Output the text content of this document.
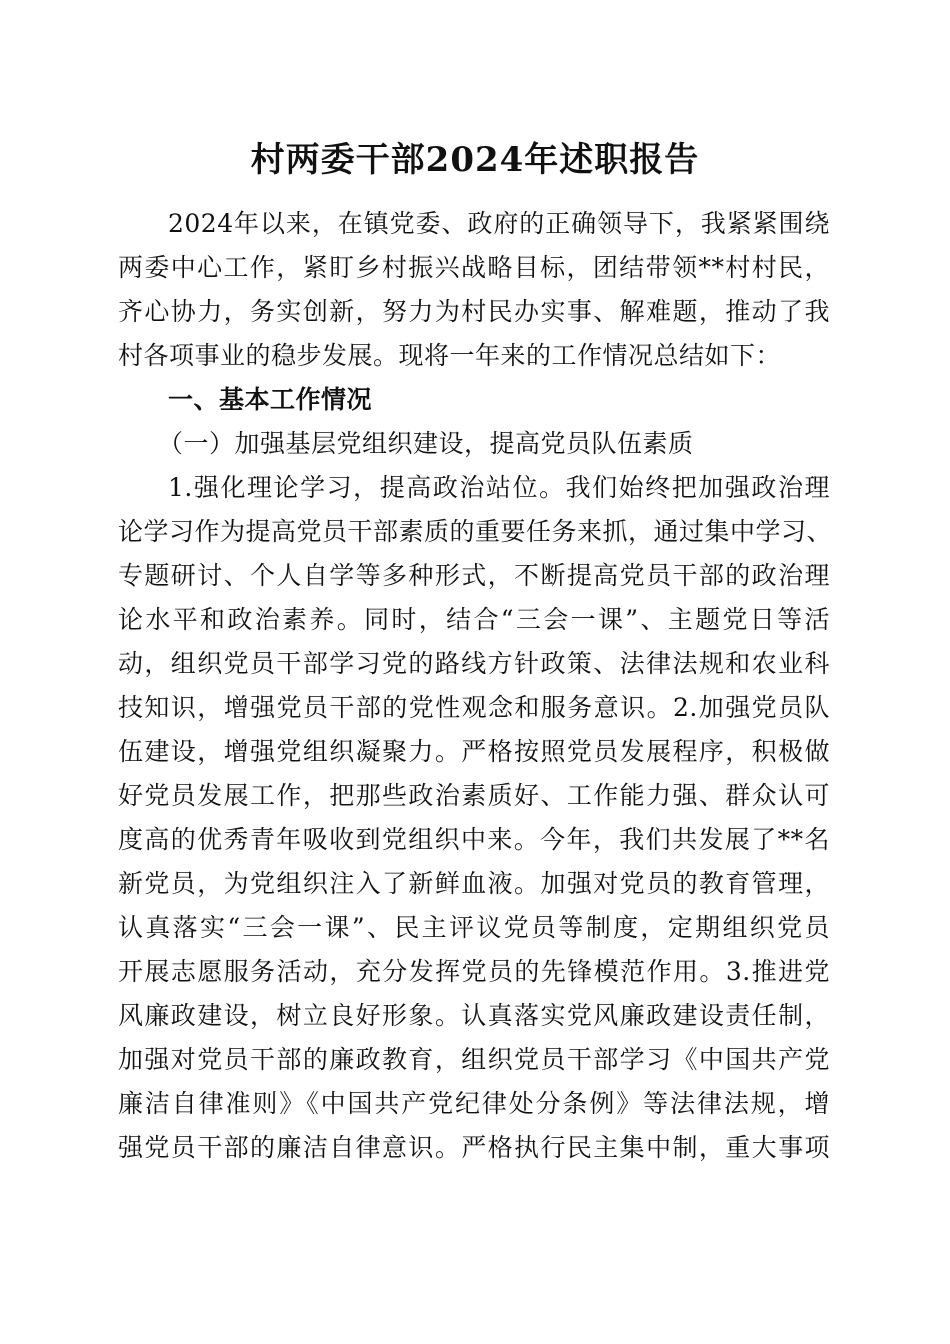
村两委干部2024年述职报告
2024年以来，在镇党委、政府的正确领导下，我紧紧围绕
两委中心工作，紧盯乡村振兴战略目标，团结带领**村村民，
齐心协力，务实创新，努力为村民办实事、解难题，推动了我
村各项事业的稳步发展。现将一年来的工作情况总结如下：
一、基本工作情况
（一）加强基层党组织建设，提高党员队伍素质
1.强化理论学习，提高政治站位。我们始终把加强政治理
论学习作为提高党员干部素质的重要任务来抓，通过集中学习、
专题研讨、个人自学等多种形式，不断提高党员干部的政治理
论水平和政治素养。同时，结合“三会一课”、主题党日等活
动，组织党员干部学习党的路线方针政策、法律法规和农业科
技知识，增强党员干部的党性观念和服务意识。2.加强党员队
伍建设，增强党组织凝聚力。严格按照党员发展程序，积极做
好党员发展工作，把那些政治素质好、工作能力强、群众认可
度高的优秀青年吸收到党组织中来。今年，我们共发展了**名
新党员，为党组织注入了新鲜血液。加强对党员的教育管理，
认真落实“三会一课”、民主评议党员等制度，定期组织党员
开展志愿服务活动，充分发挥党员的先锋模范作用。3.推进党
风廉政建设，树立良好形象。认真落实党风廉政建设责任制，
加强对党员干部的廉政教育，组织党员干部学习《中国共产党
廉洁自律准则》《中国共产党纪律处分条例》等法律法规，增
强党员干部的廉洁自律意识。严格执行民主集中制，重大事项
